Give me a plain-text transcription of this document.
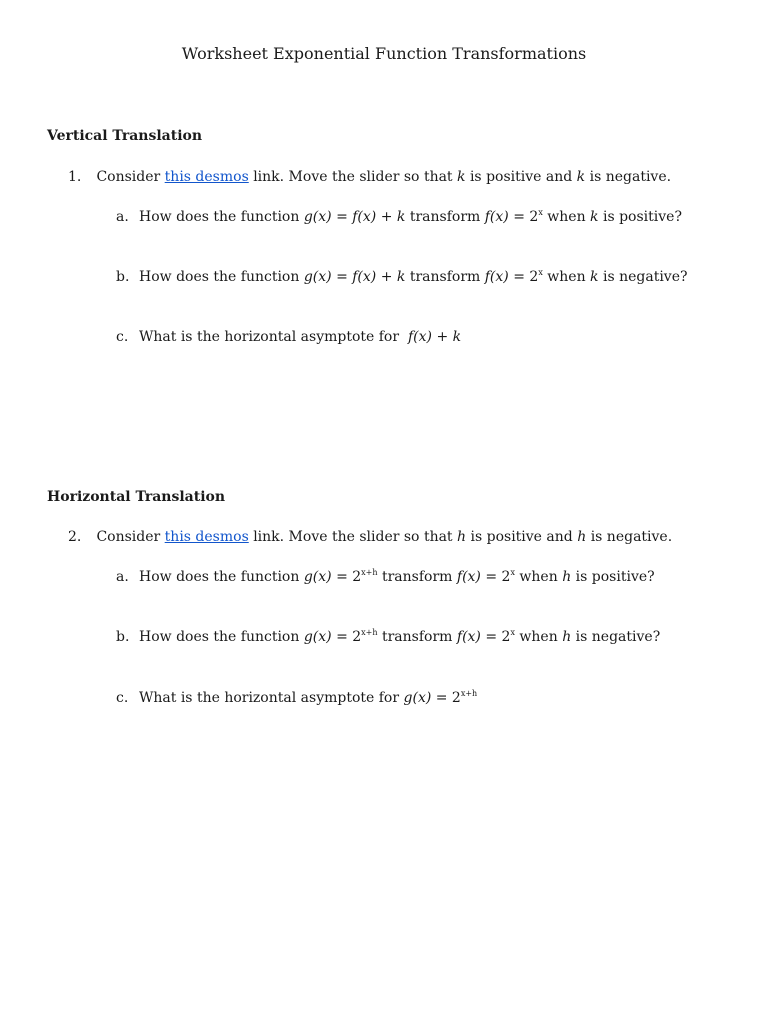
Worksheet Exponential Function Transformations
Vertical Translation
1. Consider this desmos link. Move the slider so that k is positive and k is negative.
a. How does the function g(x) = f(x) + k transform $f(x) = 2^x$ when k is positive?
b. How does the function g(x) = f(x) + k transform $f(x) = 2^x$ when k is negative?
c. What is the horizontal asymptote for f(x) + k
Horizontal Translation
2. Consider this desmos link. Move the slider so that h is positive and h is negative.
a. How does the function $g(x) = 2^{x+h}$ transform $f(x) = 2^x$ when h is positive?
b. How does the function $g(x) = 2^{x+h}$ transform $f(x) = 2^x$ when h is negative?
c. What is the horizontal asymptote for $g(x) = 2^{x+h}$
